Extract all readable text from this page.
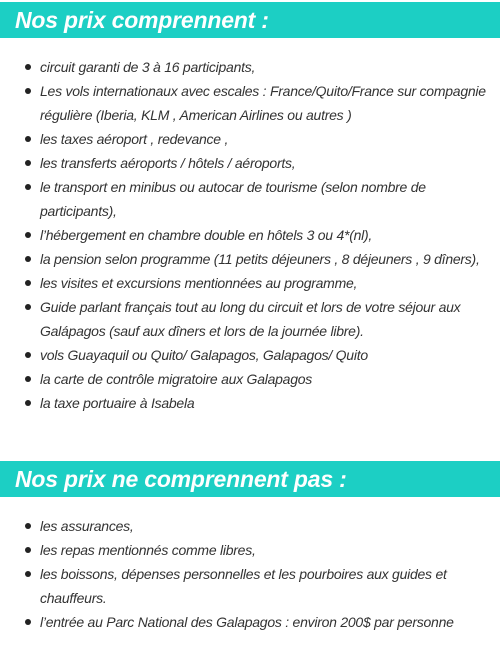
Nos prix comprennent :
circuit garanti de 3 à 16 participants,
Les vols internationaux avec escales : France/Quito/France sur compagnie régulière (Iberia, KLM , American Airlines ou autres )
les taxes aéroport , redevance ,
les transferts aéroports / hôtels / aéroports,
le transport en minibus ou autocar de tourisme (selon nombre de participants),
l’hébergement en chambre double en hôtels 3 ou 4*(nl),
la pension selon programme (11 petits déjeuners , 8 déjeuners , 9 dîners),
les visites et excursions mentionnées au programme,
Guide parlant français tout au long du circuit et lors de votre séjour aux Galápagos (sauf aux dîners et lors de la journée libre).
vols Guayaquil ou Quito/ Galapagos, Galapagos/ Quito
la carte de contrôle migratoire aux Galapagos
la taxe portuaire à Isabela
Nos prix ne comprennent pas :
les assurances,
les repas mentionnés comme libres,
les boissons, dépenses personnelles et les pourboires aux guides et chauffeurs.
l’entrée au Parc National des Galapagos : environ 200$ par personne
